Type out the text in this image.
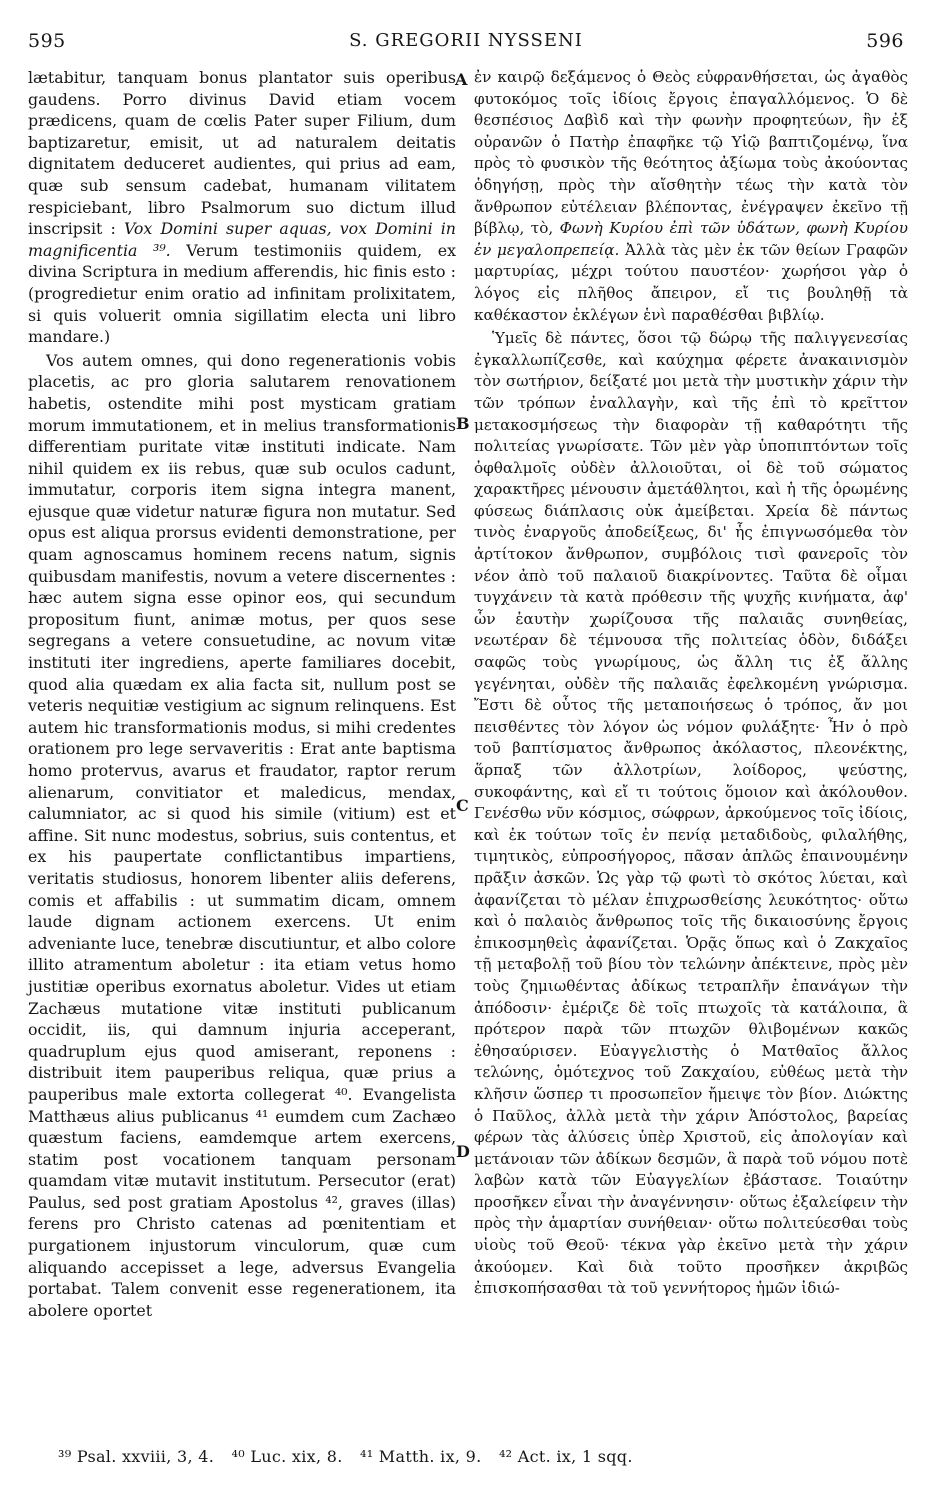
595	S. GREGORII NYSSENI	596

lætabitur, tanquam bonus plantator suis operibus gaudens. Porro divinus David etiam vocem prædicens, quam de cœlis Pater super Filium, dum baptizaretur, emisit, ut ad naturalem deitatis dignitatem deduceret audientes, qui prius ad eam, quæ sub sensum cadebat, humanam vilitatem respiciebant, libro Psalmorum suo dictum illud inscripsit : Vox Domini super aquas, vox Domini in magnificentia ³⁹. Verum testimoniis quidem, ex divina Scriptura in medium afferendis, hic finis esto : (progredietur enim oratio ad infinitam prolixitatem, si quis voluerit omnia sigillatim electa uni libro mandare.)

Vos autem omnes, qui dono regenerationis vobis placetis, ac pro gloria salutarem renovationem habetis, ostendite mihi post mysticam gratiam morum immutationem, et in melius transformationis differentiam puritate vitæ instituti indicate. Nam nihil quidem ex iis rebus, quæ sub oculos cadunt, immutatur, corporis item signa integra manent, ejusque quæ videtur naturæ figura non mutatur. Sed opus est aliqua prorsus evidenti demonstratione, per quam agnoscamus hominem recens natum, signis quibusdam manifestis, novum a vetere discernentes : hæc autem signa esse opinor eos, qui secundum propositum fiunt, animæ motus, per quos sese segregans a vetere consuetudine, ac novum vitæ instituti iter ingrediens, aperte familiares docebit, quod alia quædam ex alia facta sit, nullum post se veteris nequitiæ vestigium ac signum relinquens. Est autem hic transformationis modus, si mihi credentes orationem pro lege servaveritis : Erat ante baptisma homo protervus, avarus et fraudator, raptor rerum alienarum, convitiator et maledicus, mendax, calumniator, ac si quod his simile (vitium) est et affine. Sit nunc modestus, sobrius, suis contentus, et ex his paupertate conflictantibus impartiens, veritatis studiosus, honorem libenter aliis deferens, comis et affabilis : ut summatim dicam, omnem laude dignam actionem exercens. Ut enim adveniante luce, tenebræ discutiuntur, et albo colore illito atramentum aboletur : ita etiam vetus homo justitiæ operibus exornatus aboletur. Vides ut etiam Zachæus mutatione vitæ instituti publicanum occidit, iis, qui damnum injuria acceperant, quadruplum ejus quod amiserant, reponens : distribuit item pauperibus reliqua, quæ prius a pauperibus male extorta collegerat ⁴⁰. Evangelista Matthæus alius publicanus ⁴¹ eumdem cum Zachæo quæstum faciens, eamdemque artem exercens, statim post vocationem tanquam personam quamdam vitæ mutavit institutum. Persecutor (erat) Paulus, sed post gratiam Apostolus ⁴², graves (illas) ferens pro Christo catenas ad pœnitentiam et purgationem injustorum vinculorum, quæ cum aliquando accepisset a lege, adversus Evangelia portabat. Talem convenit esse regenerationem, ita abolere oportet

A
B
C
D

ἐν καιρῷ δεξάμενος ὁ Θεὸς εὐφρανθήσεται, ὡς ἀγαθὸς φυτοκόμος τοῖς ἰδίοις ἔργοις ἐπαγαλλόμενος. Ὁ δὲ θεσπέσιος Δαβὶδ καὶ τὴν φωνὴν προφητεύων, ἣν ἐξ οὐρανῶν ὁ Πατὴρ ἐπαφῆκε τῷ Υἱῷ βαπτιζομένῳ, ἵνα πρὸς τὸ φυσικὸν τῆς θεότητος ἀξίωμα τοὺς ἀκούοντας ὁδηγήσῃ, πρὸς τὴν αἴσθητὴν τέως τὴν κατὰ τὸν ἄνθρωπον εὐτέλειαν βλέποντας, ἐνέγραψεν ἐκεῖνο τῇ βίβλῳ, τὸ, Φωνὴ Κυρίου ἐπὶ τῶν ὑδάτων, φωνὴ Κυρίου ἐν μεγαλοπρεπείᾳ. Ἀλλὰ τὰς μὲν ἐκ τῶν θείων Γραφῶν μαρτυρίας, μέχρι τούτου παυστέον· χωρήσοι γὰρ ὁ λόγος εἰς πλῆθος ἄπειρον, εἴ τις βουληθῇ τὰ καθέκαστον ἐκλέγων ἑνὶ παραθέσθαι βιβλίῳ.

Ὑμεῖς δὲ πάντες, ὅσοι τῷ δώρῳ τῆς παλιγγενεσίας ἐγκαλλωπίζεσθε, καὶ καύχημα φέρετε ἀνακαινισμὸν τὸν σωτήριον, δείξατέ μοι μετὰ τὴν μυστικὴν χάριν τὴν τῶν τρόπων ἐναλλαγὴν, καὶ τῆς ἐπὶ τὸ κρεῖττον μετακοσμήσεως τὴν διαφορὰν τῇ καθαρότητι τῆς πολιτείας γνωρίσατε. Τῶν μὲν γὰρ ὑποπιπτόντων τοῖς ὀφθαλμοῖς οὐδὲν ἀλλοιοῦται, οἱ δὲ τοῦ σώματος χαρακτῆρες μένουσιν ἀμετάθλητοι, καὶ ἡ τῆς ὁρωμένης φύσεως διάπλασις οὐκ ἀμείβεται. Χρεία δὲ πάντως τινὸς ἐναργοῦς ἀποδείξεως, δι' ἧς ἐπιγνωσόμεθα τὸν ἀρτίτοκον ἄνθρωπον, συμβόλοις τισὶ φανεροῖς τὸν νέον ἀπὸ τοῦ παλαιοῦ διακρίνοντες. Ταῦτα δὲ οἶμαι τυγχάνειν τὰ κατὰ πρόθεσιν τῆς ψυχῆς κινήματα, ἀφ' ὧν ἑαυτὴν χωρίζουσα τῆς παλαιᾶς συνηθείας, νεωτέραν δὲ τέμνουσα τῆς πολιτείας ὁδὸν, διδάξει σαφῶς τοὺς γνωρίμους, ὡς ἄλλη τις ἐξ ἄλλης γεγένηται, οὐδὲν τῆς παλαιᾶς ἐφελκομένη γνώρισμα. Ἔστι δὲ οὗτος τῆς μεταποιήσεως ὁ τρόπος, ἄν μοι πεισθέντες τὸν λόγον ὡς νόμον φυλάξητε· Ἦν ὁ πρὸ τοῦ βαπτίσματος ἄνθρωπος ἀκόλαστος, πλεονέκτης, ἅρπαξ τῶν ἀλλοτρίων, λοίδορος, ψεύστης, συκοφάντης, καὶ εἴ τι τούτοις ὅμοιον καὶ ἀκόλουθον. Γενέσθω νῦν κόσμιος, σώφρων, ἀρκούμενος τοῖς ἰδίοις, καὶ ἐκ τούτων τοῖς ἐν πενίᾳ μεταδιδοὺς, φιλαλήθης, τιμητικὸς, εὐπροσήγορος, πᾶσαν ἁπλῶς ἐπαινουμένην πρᾶξιν ἀσκῶν. Ὡς γὰρ τῷ φωτὶ τὸ σκότος λύεται, καὶ ἀφανίζεται τὸ μέλαν ἐπιχρωσθείσης λευκότητος· οὕτω καὶ ὁ παλαιὸς ἄνθρωπος τοῖς τῆς δικαιοσύνης ἔργοις ἐπικοσμηθεὶς ἀφανίζεται. Ὁρᾷς ὅπως καὶ ὁ Ζακχαῖος τῇ μεταβολῇ τοῦ βίου τὸν τελώνην ἀπέκτεινε, πρὸς μὲν τοὺς ζημιωθέντας ἀδίκως τετραπλῆν ἐπανάγων τὴν ἀπόδοσιν· ἐμέριζε δὲ τοῖς πτωχοῖς τὰ κατάλοιπα, ἃ πρότερον παρὰ τῶν πτωχῶν θλιβομένων κακῶς ἐθησαύρισεν. Εὐαγγελιστὴς ὁ Ματθαῖος ἄλλος τελώνης, ὁμότεχνος τοῦ Ζακχαίου, εὐθέως μετὰ τὴν κλῆσιν ὥσπερ τι προσωπεῖον ἤμειψε τὸν βίον. Διώκτης ὁ Παῦλος, ἀλλὰ μετὰ τὴν χάριν Ἀπόστολος, βαρείας φέρων τὰς ἀλύσεις ὑπὲρ Χριστοῦ, εἰς ἀπολογίαν καὶ μετάνοιαν τῶν ἀδίκων δεσμῶν, ἃ παρὰ τοῦ νόμου ποτὲ λαβὼν κατὰ τῶν Εὐαγγελίων ἐβάστασε. Τοιαύτην προσῆκεν εἶναι τὴν ἀναγέννησιν· οὕτως ἐξαλείφειν τὴν πρὸς τὴν ἁμαρτίαν συνήθειαν· οὕτω πολιτεύεσθαι τοὺς υἱοὺς τοῦ Θεοῦ· τέκνα γὰρ ἐκεῖνο μετὰ τὴν χάριν ἀκούομεν. Καὶ διὰ τοῦτο προσῆκεν ἀκριβῶς ἐπισκοπήσασθαι τὰ τοῦ γεννήτορος ἡμῶν ἰδιώ-

³⁹ Psal. xxviii, 3, 4. ⁴⁰ Luc. xix, 8. ⁴¹ Matth. ix, 9. ⁴² Act. ix, 1 sqq.
